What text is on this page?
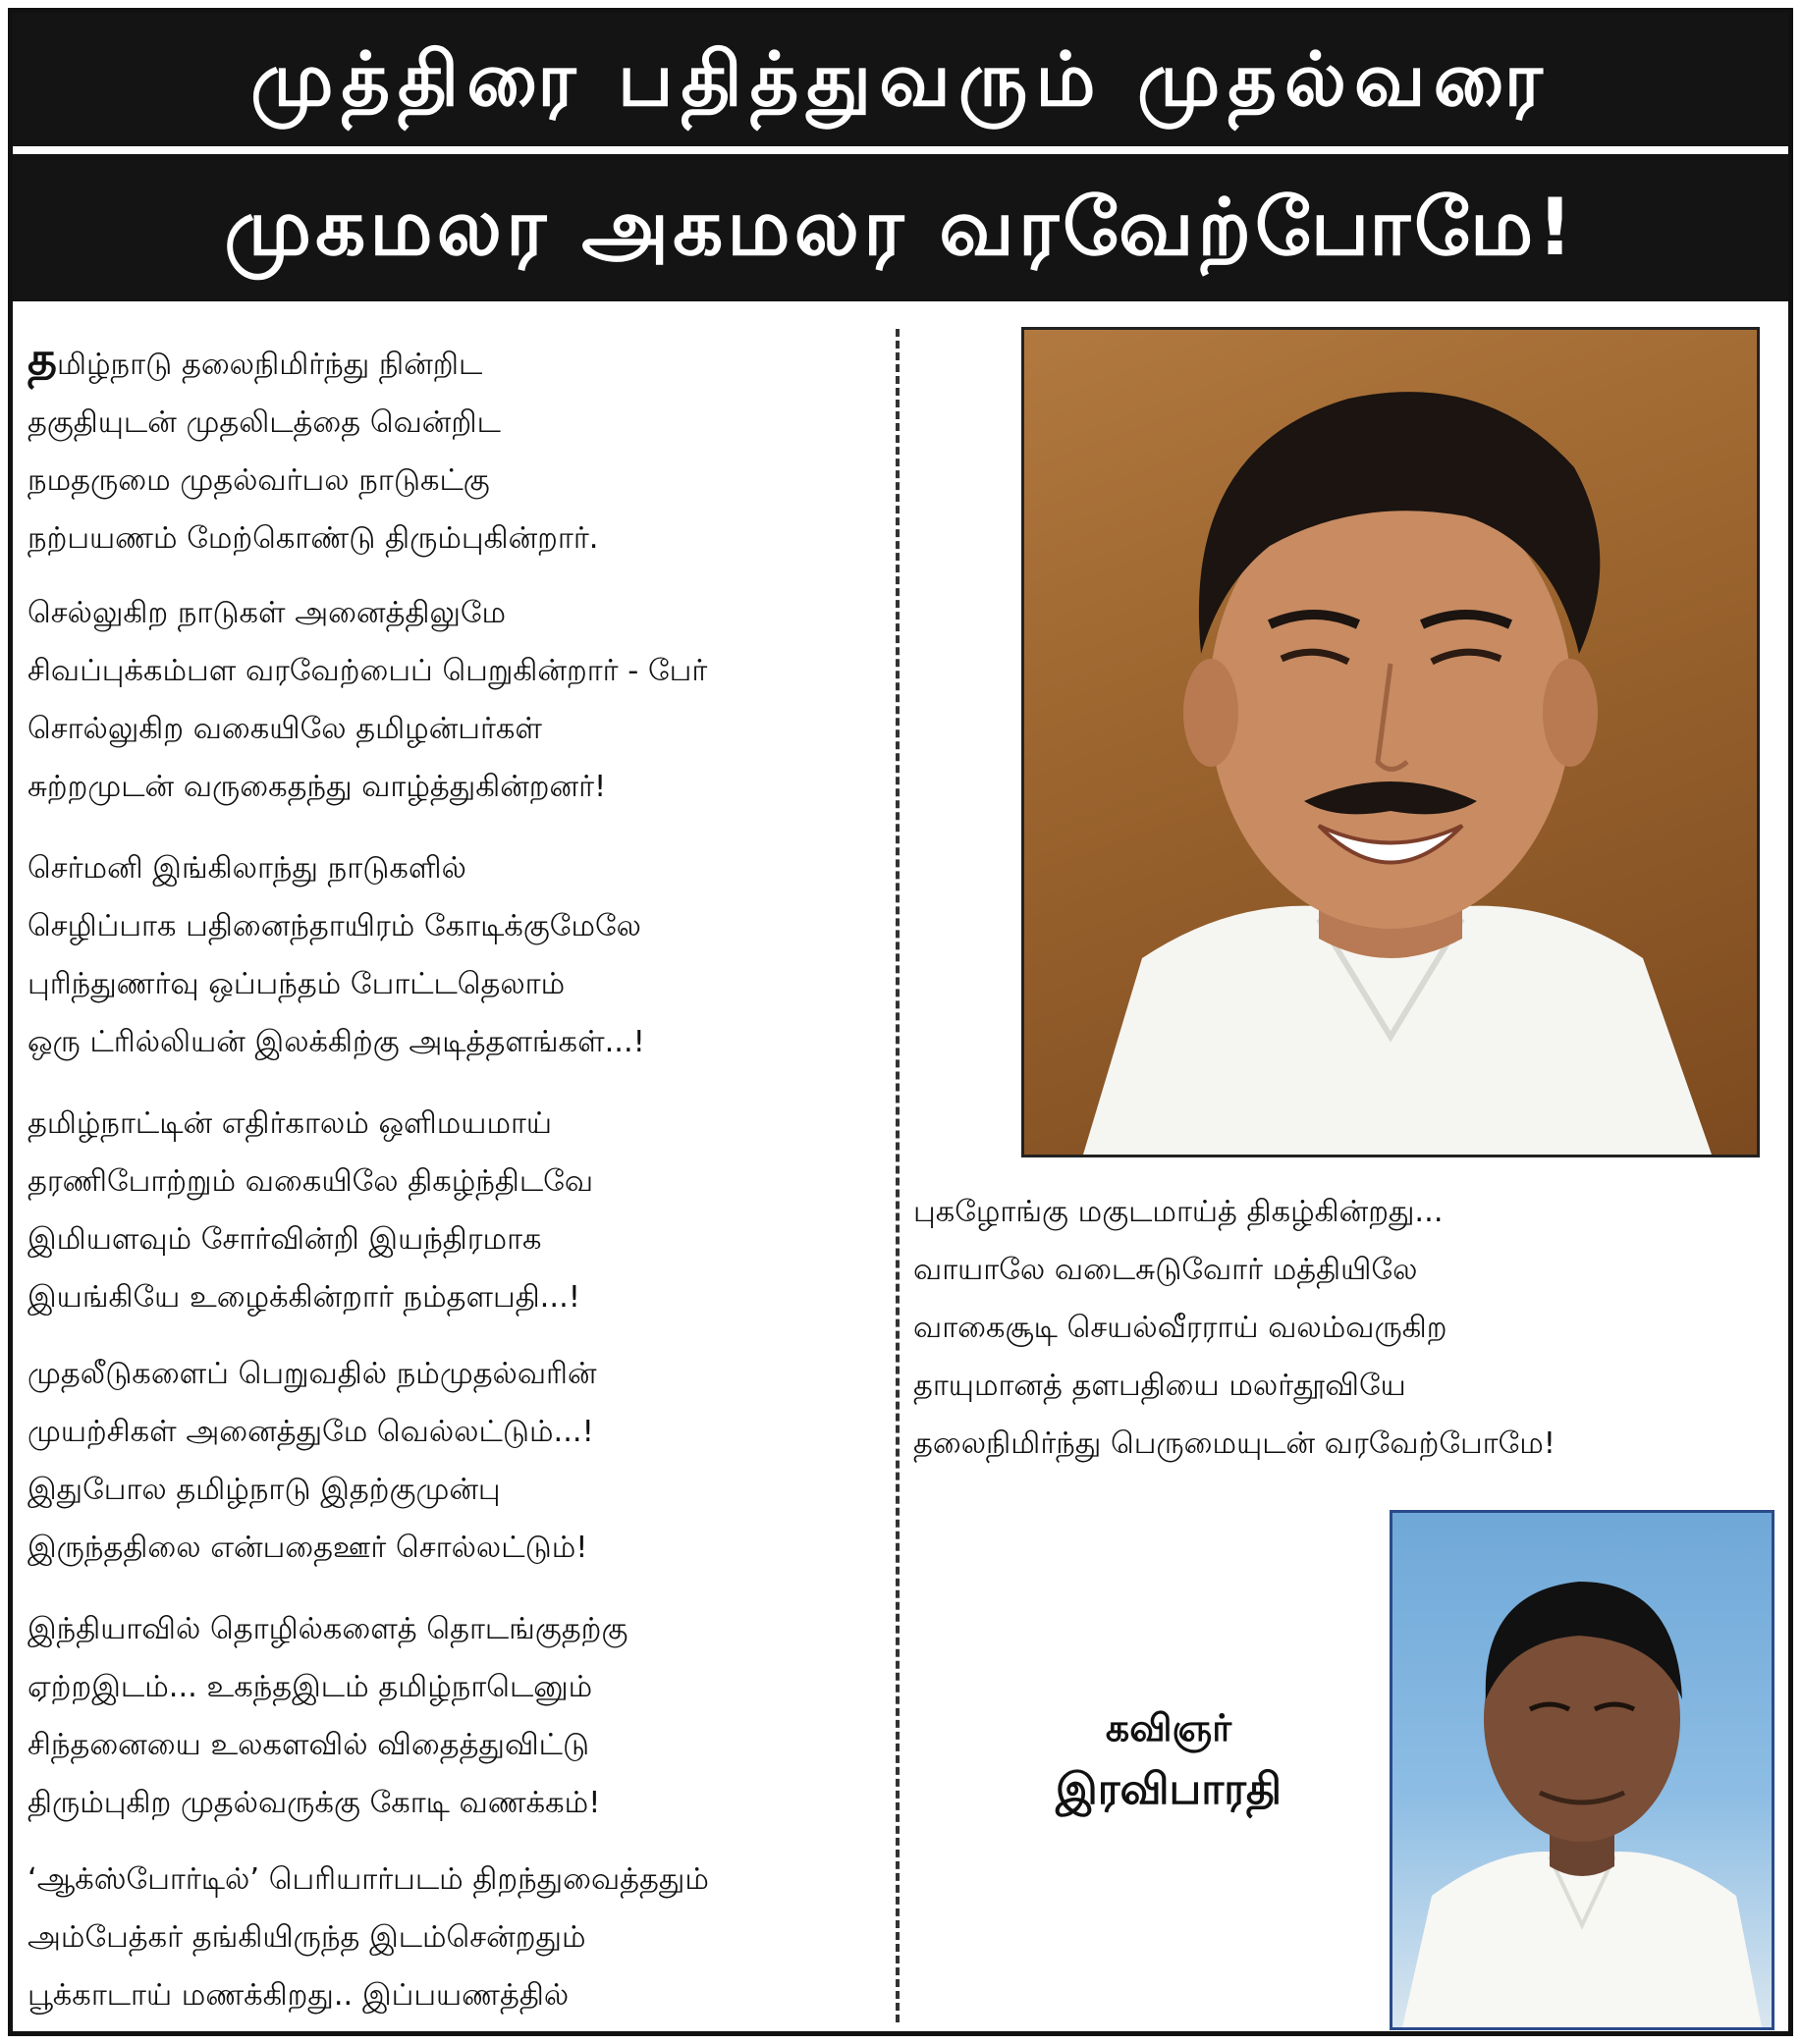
முத்திரை பதித்துவரும் முதல்வரை
முகமலர அகமலர வரவேற்போமே!
தமிழ்நாடு தலைநிமிர்ந்து நின்றிட
தகுதியுடன் முதலிடத்தை வென்றிட
நமதருமை முதல்வர்பல நாடுகட்கு
நற்பயணம் மேற்கொண்டு திரும்புகின்றார்.
செல்லுகிற நாடுகள் அனைத்திலுமே
சிவப்புக்கம்பள வரவேற்பைப் பெறுகின்றார் - பேர்
சொல்லுகிற வகையிலே தமிழன்பர்கள்
சுற்றமுடன் வருகைதந்து வாழ்த்துகின்றனர்!
செர்மனி இங்கிலாந்து நாடுகளில்
செழிப்பாக பதினைந்தாயிரம் கோடிக்குமேலே
புரிந்துணர்வு ஒப்பந்தம் போட்டதெலாம்
ஒரு ட்ரில்லியன் இலக்கிற்கு அடித்தளங்கள்...!
தமிழ்நாட்டின் எதிர்காலம் ஒளிமயமாய்
தரணிபோற்றும் வகையிலே திகழ்ந்திடவே
இமியளவும் சோர்வின்றி இயந்திரமாக
இயங்கியே உழைக்கின்றார் நம்தளபதி...!
முதலீடுகளைப் பெறுவதில் நம்முதல்வரின்
முயற்சிகள் அனைத்துமே வெல்லட்டும்...!
இதுபோல தமிழ்நாடு இதற்குமுன்பு
இருந்ததிலை என்பதைஊர் சொல்லட்டும்!
இந்தியாவில் தொழில்களைத் தொடங்குதற்கு
ஏற்றஇடம்... உகந்தஇடம் தமிழ்நாடெனும்
சிந்தனையை உலகளவில் விதைத்துவிட்டு
திரும்புகிற முதல்வருக்கு கோடி வணக்கம்!
‘ஆக்ஸ்போர்டில்’ பெரியார்படம் திறந்துவைத்ததும்
அம்பேத்கர் தங்கியிருந்த இடம்சென்றதும்
பூக்காடாய் மணக்கிறது.. இப்பயணத்தில்
புகழோங்கு மகுடமாய்த் திகழ்கின்றது...
வாயாலே வடைசுடுவோர் மத்தியிலே
வாகைசூடி செயல்வீரராய் வலம்வருகிற
தாயுமானத் தளபதியை மலர்தூவியே
தலைநிமிர்ந்து பெருமையுடன் வரவேற்போமே!
கவிஞர்
இரவிபாரதி
